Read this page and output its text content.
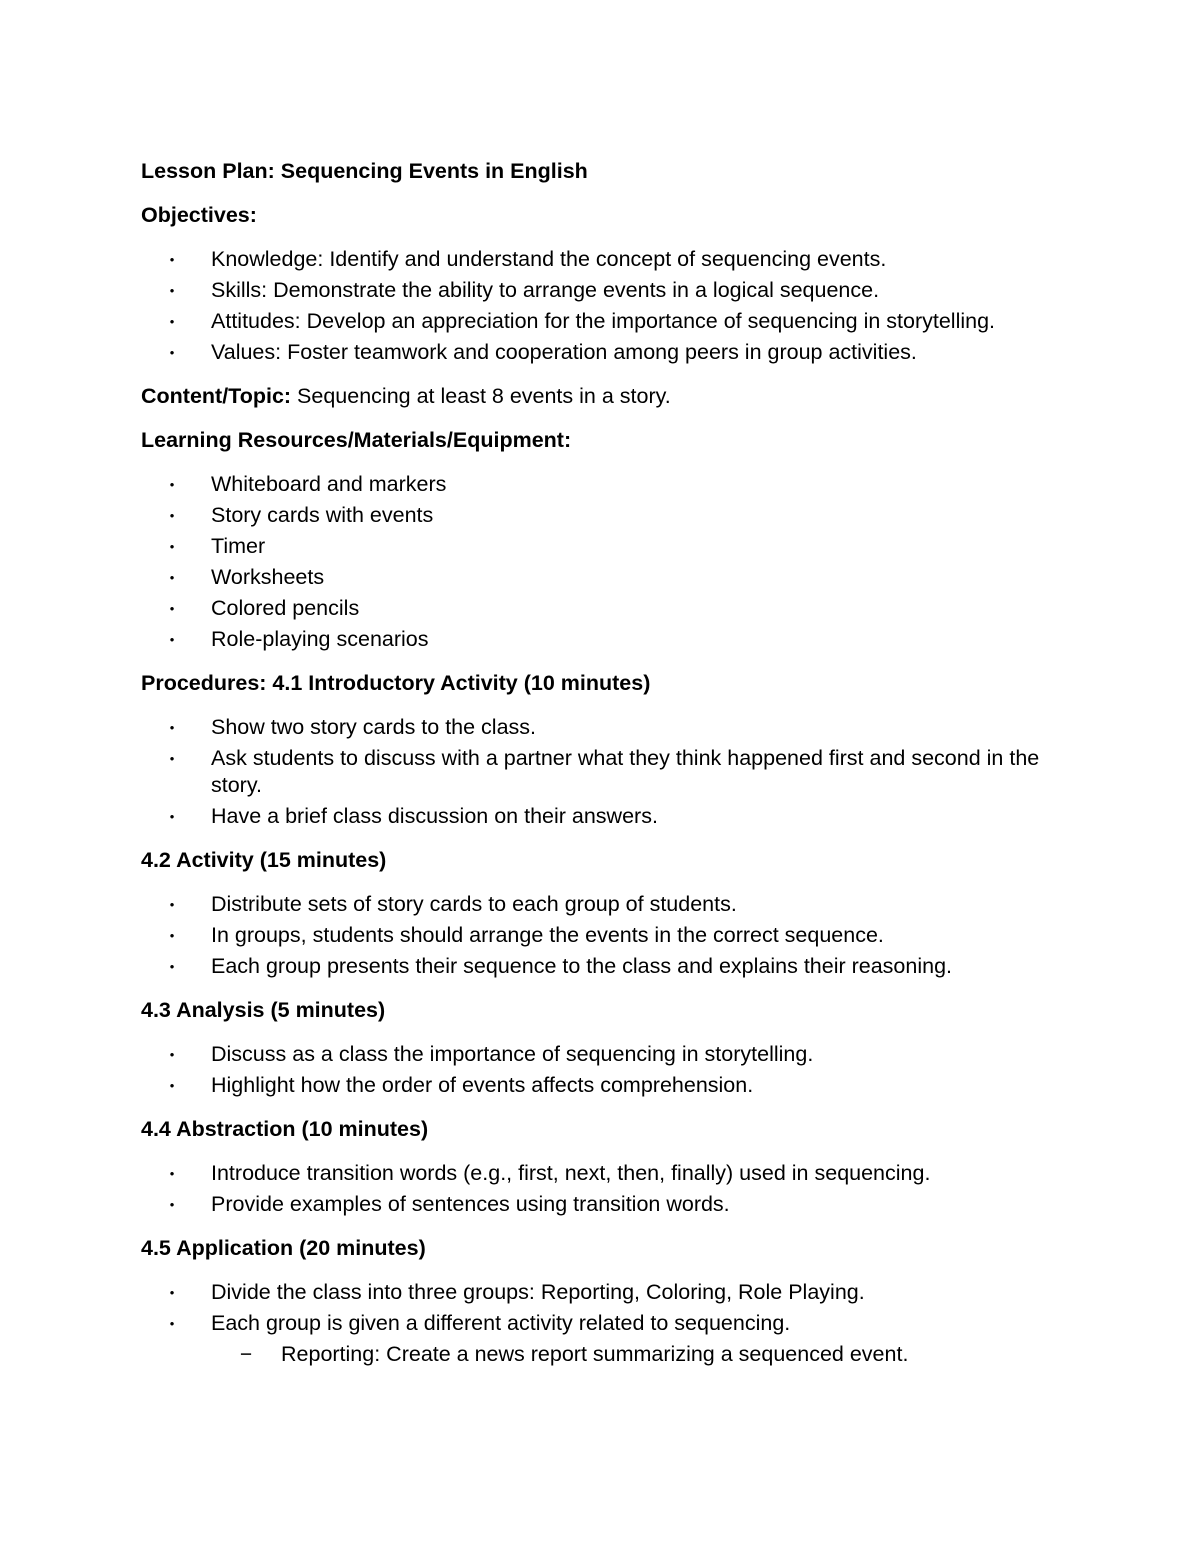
Lesson Plan: Sequencing Events in English

Objectives:

• Knowledge: Identify and understand the concept of sequencing events.
• Skills: Demonstrate the ability to arrange events in a logical sequence.
• Attitudes: Develop an appreciation for the importance of sequencing in storytelling.
• Values: Foster teamwork and cooperation among peers in group activities.

Content/Topic: Sequencing at least 8 events in a story.

Learning Resources/Materials/Equipment:

• Whiteboard and markers
• Story cards with events
• Timer
• Worksheets
• Colored pencils
• Role-playing scenarios

Procedures: 4.1 Introductory Activity (10 minutes)

• Show two story cards to the class.
• Ask students to discuss with a partner what they think happened first and second in the story.
• Have a brief class discussion on their answers.

4.2 Activity (15 minutes)

• Distribute sets of story cards to each group of students.
• In groups, students should arrange the events in the correct sequence.
• Each group presents their sequence to the class and explains their reasoning.

4.3 Analysis (5 minutes)

• Discuss as a class the importance of sequencing in storytelling.
• Highlight how the order of events affects comprehension.

4.4 Abstraction (10 minutes)

• Introduce transition words (e.g., first, next, then, finally) used in sequencing.
• Provide examples of sentences using transition words.

4.5 Application (20 minutes)

• Divide the class into three groups: Reporting, Coloring, Role Playing.
• Each group is given a different activity related to sequencing.
− Reporting: Create a news report summarizing a sequenced event.
